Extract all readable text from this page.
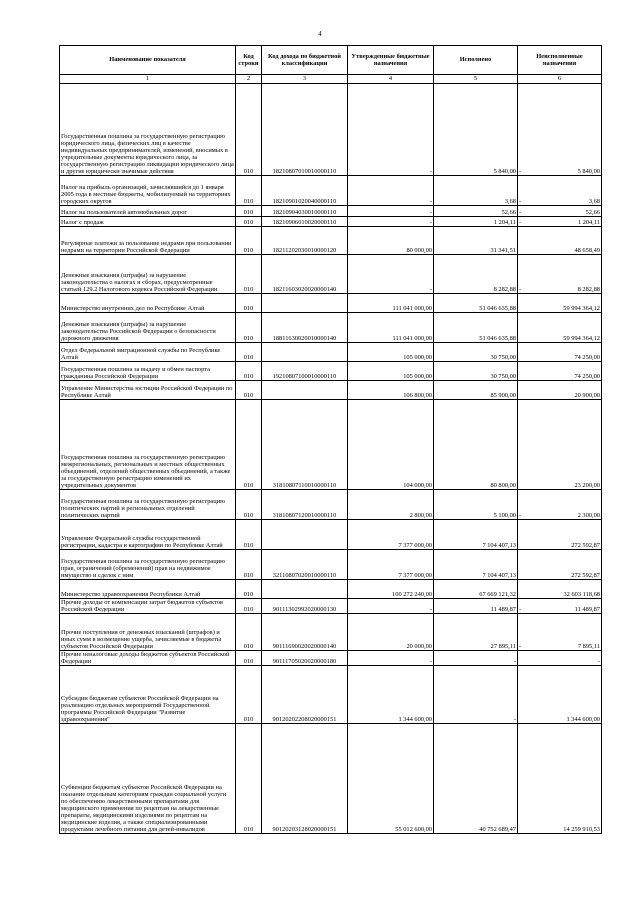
4
Наименование показателя	Код строки	Код дохода по бюджетной классификации	Утвержденные бюджетные назначения	Исполнено	Неисполненные назначения
1	2	3	4	5	6
Государственная пошлина за государственную регистрацию юридического лица, физических лиц в качестве индивидуальных предпринимателей, изменений, вносимых в учредительные документы юридического лица, за государственную регистрацию ликвидации юридического лица и другие юридически значимые действия	010	18210807010010000110	-	5 840,00	- 5 840,00
Налог на прибыль организаций, зачислявшийся до 1 января 2005 года в местные бюджеты, мобилизуемый на территориях городских округов	010	18210901020040000110	-	3,68	- 3,68
Налог на пользователей автомобильных дорог	010	18210904030010000110	-	52,66	- 52,66
Налог с продаж	010	18210906010020000110	-	1 204,11	- 1 204,11
Регулярные платежи за пользование недрами при пользовании недрами на территории Российской Федерации	010	18211202030010000120	80 000,00	31 341,51	48 658,49
Денежные взыскания (штрафы) за нарушение законодательства о налогах и сборах, предусмотренные статьей 129.2 Налогового кодекса Российской Федерации	010	18211603020020000140	-	8 282,88	- 8 282,88
Министерство внутренних дел по Республике Алтай	010		111 041 000,00	51 046 635,88	59 994 364,12
Денежные взыскания (штрафы) за нарушение законодательства Российской Федерации о безопасности дорожного движения	010	18811630020010000140	111 041 000,00	51 046 635,88	59 994 364,12
Отдел Федеральной миграционной службы по Республике Алтай	010		105 000,00	30 750,00	74 250,00
Государственная пошлина за выдачу и обмен паспорта гражданина Российской Федерации	010	19210807100010000110	105 000,00	30 750,00	74 250,00
Управление Министерства юстиции Российской Федерации по Республике Алтай	010		106 800,00	85 900,00	20 900,00
Государственная пошлина за государственную регистрацию межрегиональных, региональных и местных общественных объединений, отделений общественных объединений, а также за государственную регистрацию изменений их учредительных документов	010	31810807110010000110	104 000,00	80 800,00	23 200,00
Государственная пошлина за государственную регистрацию политических партий и региональных отделений политических партий	010	31810807120010000110	2 800,00	5 100,00	- 2 300,00
Управление Федеральной службы государственной регистрации, кадастра и картографии по Республике Алтай	010		7 377 000,00	7 104 407,13	272 592,87
Государственная пошлина за государственную регистрацию прав, ограничений (обременений) прав на недвижимое имущество и сделок с ним	010	32110807020010000110	7 377 000,00	7 104 407,13	272 592,87
Министерство здравоохранения Республики Алтай	010		100 272 240,00	67 669 121,32	32 603 118,68
Прочие доходы от компенсации затрат бюджетов субъектов Российской Федерации	010	90111302992020000130	-	11 489,87	- 11 489,87
Прочие поступления от денежных взысканий (штрафов) и иных сумм в возмещение ущерба, зачисляемые в бюджеты субъектов Российской Федерации	010	90111690020020000140	20 000,00	27 895,11	- 7 895,11
Прочие неналоговые доходы бюджетов субъектов Российской Федерации	010	90111705020020000180	-	-	-
Субсидии бюджетам субъектов Российской Федерации на реализацию отдельных мероприятий Государственной программы Российской Федерации "Развитие здравоохранения"	010	90120202208020000151	1 344 600,00	-	1 344 600,00
Субвенции бюджетам субъектов Российской Федерации на оказание отдельным категориям граждан социальной услуги по обеспечению лекарственными препаратами для медицинского применения по рецептам на лекарственные препараты, медицинскими изделиями по рецептам на медицинские изделия, а также специализированными продуктами лечебного питания для детей-инвалидов	010	90120203128020000151	55 012 600,00	40 752 689,47	14 259 910,53
